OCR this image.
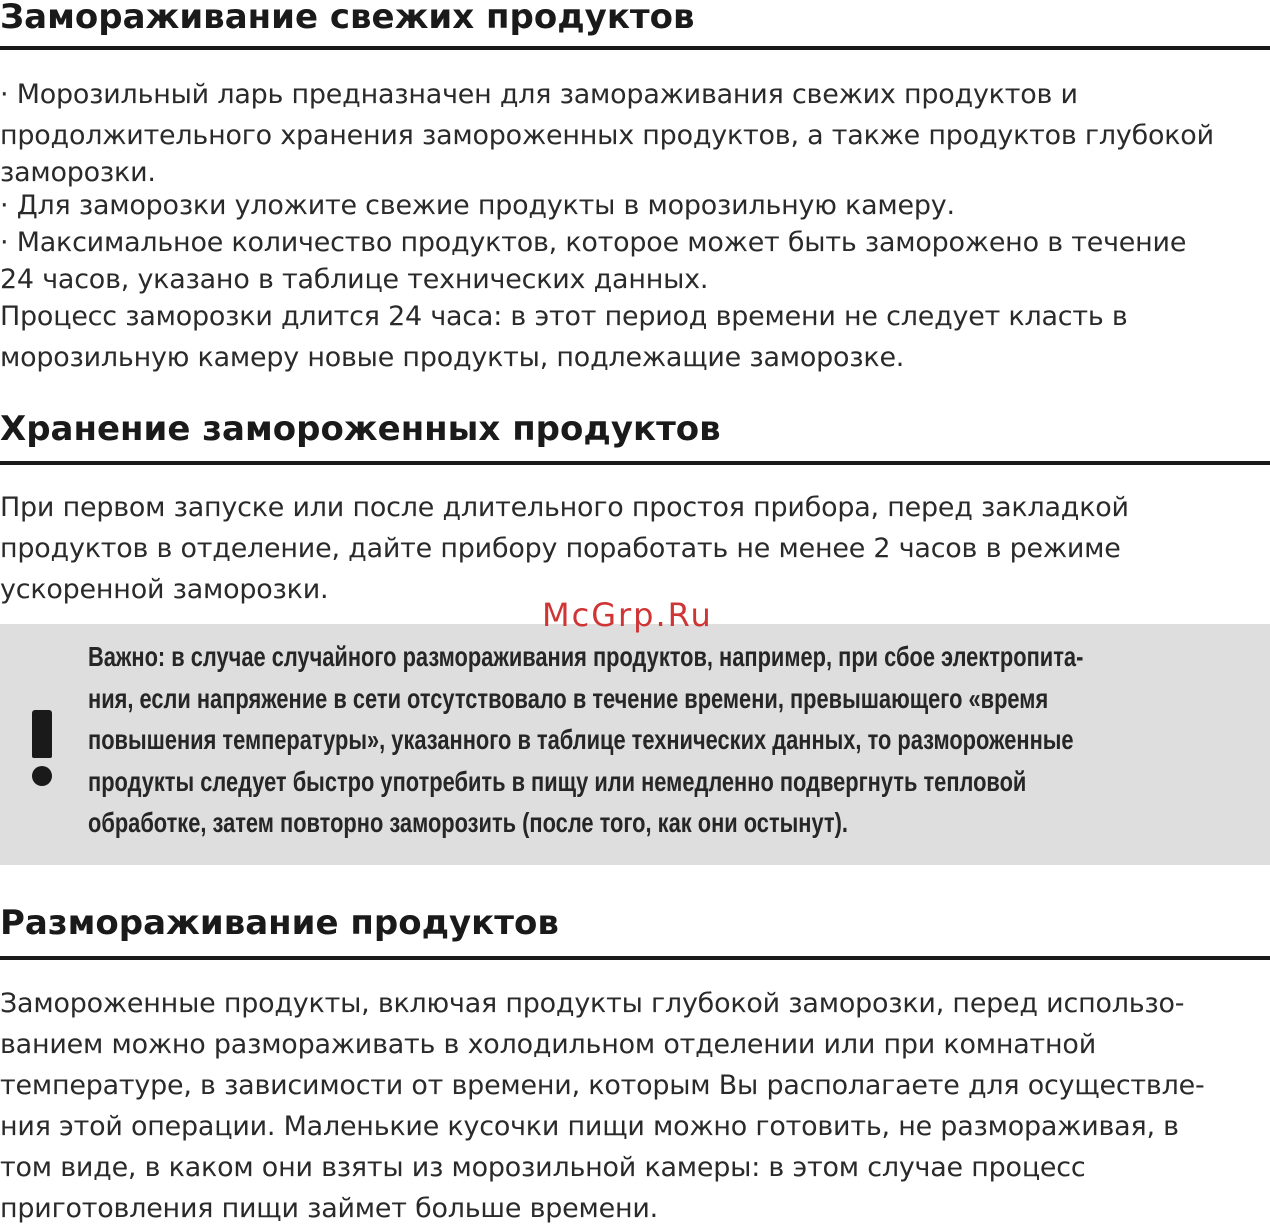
Замораживание свежих продуктов
· Морозильный ларь предназначен для замораживания свежих продуктов и
продолжительного хранения замороженных продуктов, а также продуктов глубокой
заморозки.
· Для заморозки уложите свежие продукты в морозильную камеру.
· Максимальное количество продуктов, которое может быть заморожено в течение
24 часов, указано в таблице технических данных.
Процесс заморозки длится 24 часа: в этот период времени не следует класть в
морозильную камеру новые продукты, подлежащие заморозке.
Хранение замороженных продуктов
При первом запуске или после длительного простоя прибора, перед закладкой
продуктов в отделение, дайте прибору поработать не менее 2 часов в режиме
ускоренной заморозки.
Важно: в случае случайного размораживания продуктов, например, при сбое электропита-
ния, если напряжение в сети отсутствовало в течение времени, превышающего «время
повышения температуры», указанного в таблице технических данных, то размороженные
продукты следует быстро употребить в пищу или немедленно подвергнуть тепловой
обработке, затем повторно заморозить (после того, как они остынут).
McGrp.Ru
Размораживание продуктов
Замороженные продукты, включая продукты глубокой заморозки, перед использо-
ванием можно размораживать в холодильном отделении или при комнатной
температуре, в зависимости от времени, которым Вы располагаете для осуществле-
ния этой операции. Маленькие кусочки пищи можно готовить, не размораживая, в
том виде, в каком они взяты из морозильной камеры: в этом случае процесс
приготовления пищи займет больше времени.
